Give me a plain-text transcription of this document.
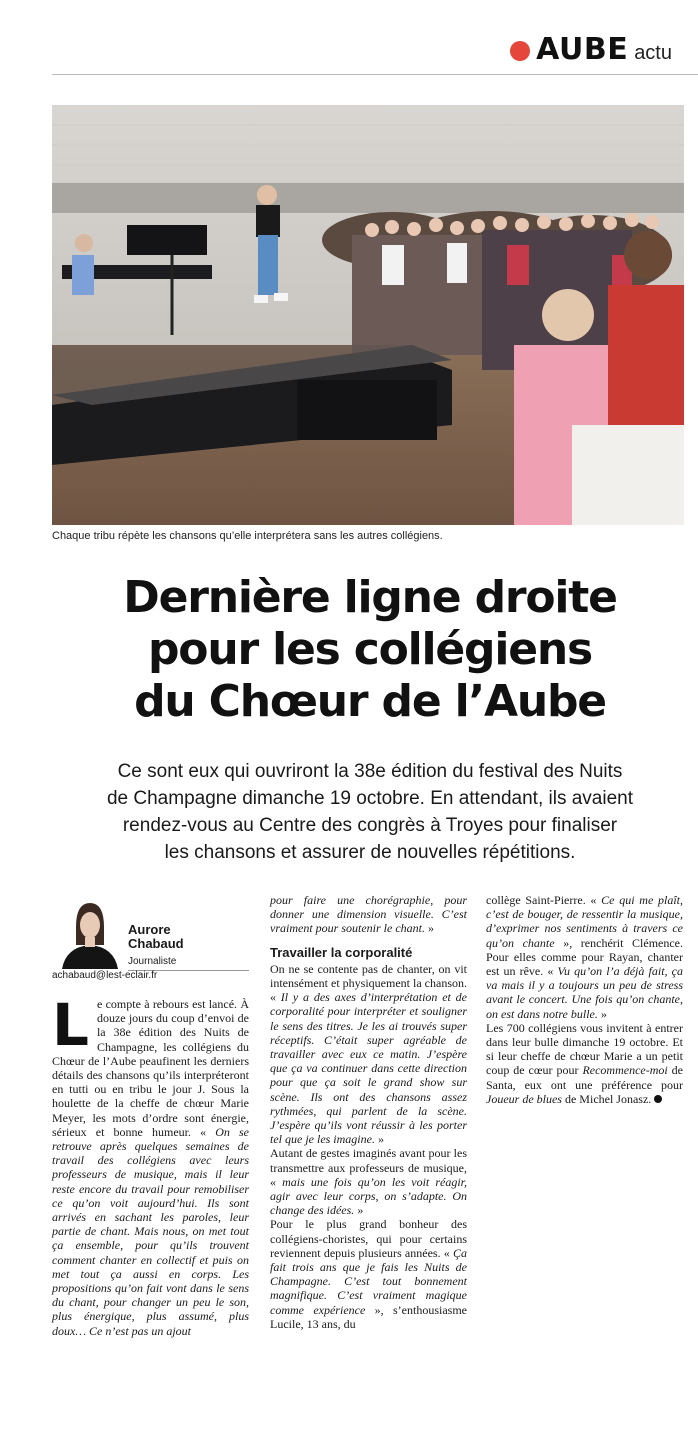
AUBE actu
Chaque tribu répète les chansons qu’elle interprétera sans les autres collégiens.
Dernière ligne droite
pour les collégiens
du Chœur de l’Aube
Ce sont eux qui ouvriront la 38e édition du festival des Nuits
de Champagne dimanche 19 octobre. En attendant, ils avaient
rendez-vous au Centre des congrès à Troyes pour finaliser
les chansons et assurer de nouvelles répétitions.
Aurore
Chabaud
Journaliste
achabaud@lest-eclair.fr
L e compte à rebours est lancé. À douze jours du coup d’envoi de la 38e édition des Nuits de Champagne, les collégiens du Chœur de l’Aube peaufinent les derniers détails des chansons qu’ils interpréteront en tutti ou en tribu le jour J. Sous la houlette de la cheffe de chœur Marie Meyer, les mots d’ordre sont énergie, sérieux et bonne humeur. « On se retrouve après quelques semaines de travail des collégiens avec leurs professeurs de musique, mais il leur reste encore du travail pour remobiliser ce qu’on voit aujourd’hui. Ils sont arrivés en sachant les paroles, leur partie de chant. Mais nous, on met tout ça ensemble, pour qu’ils trouvent comment chanter en collectif et puis on met tout ça aussi en corps. Les propositions qu’on fait vont dans le sens du chant, pour changer un peu le son, plus énergique, plus assumé, plus doux… Ce n’est pas un ajout

pour faire une chorégraphie, pour donner une dimension visuelle. C’est vraiment pour soutenir le chant. »

Travailler la corporalité

On ne se contente pas de chanter, on vit intensément et physiquement la chanson. « Il y a des axes d’interprétation et de corporalité pour interpréter et souligner le sens des titres. Je les ai trouvés super réceptifs. C’était super agréable de travailler avec eux ce matin. J’espère que ça va continuer dans cette direction pour que ça soit le grand show sur scène. Ils ont des chansons assez rythmées, qui parlent de la scène. J’espère qu’ils vont réussir à les porter tel que je les imagine. »

Autant de gestes imaginés avant pour les transmettre aux professeurs de musique, « mais une fois qu’on les voit réagir, agir avec leur corps, on s’adapte. On change des idées. »

Pour le plus grand bonheur des collégiens-choristes, qui pour certains reviennent depuis plusieurs années. « Ça fait trois ans que je fais les Nuits de Champagne. C’est tout bonnement magnifique. C’est vraiment magique comme expérience », s’enthousiasme Lucile, 13 ans, du

collège Saint-Pierre. « Ce qui me plaît, c’est de bouger, de ressentir la musique, d’exprimer nos sentiments à travers ce qu’on chante », renchérit Clémence. Pour elles comme pour Rayan, chanter est un rêve. « Vu qu’on l’a déjà fait, ça va mais il y a toujours un peu de stress avant le concert. Une fois qu’on chante, on est dans notre bulle. »

Les 700 collégiens vous invitent à entrer dans leur bulle dimanche 19 octobre. Et si leur cheffe de chœur Marie a un petit coup de cœur pour Recommence-moi de Santa, eux ont une préférence pour Joueur de blues de Michel Jonasz.
